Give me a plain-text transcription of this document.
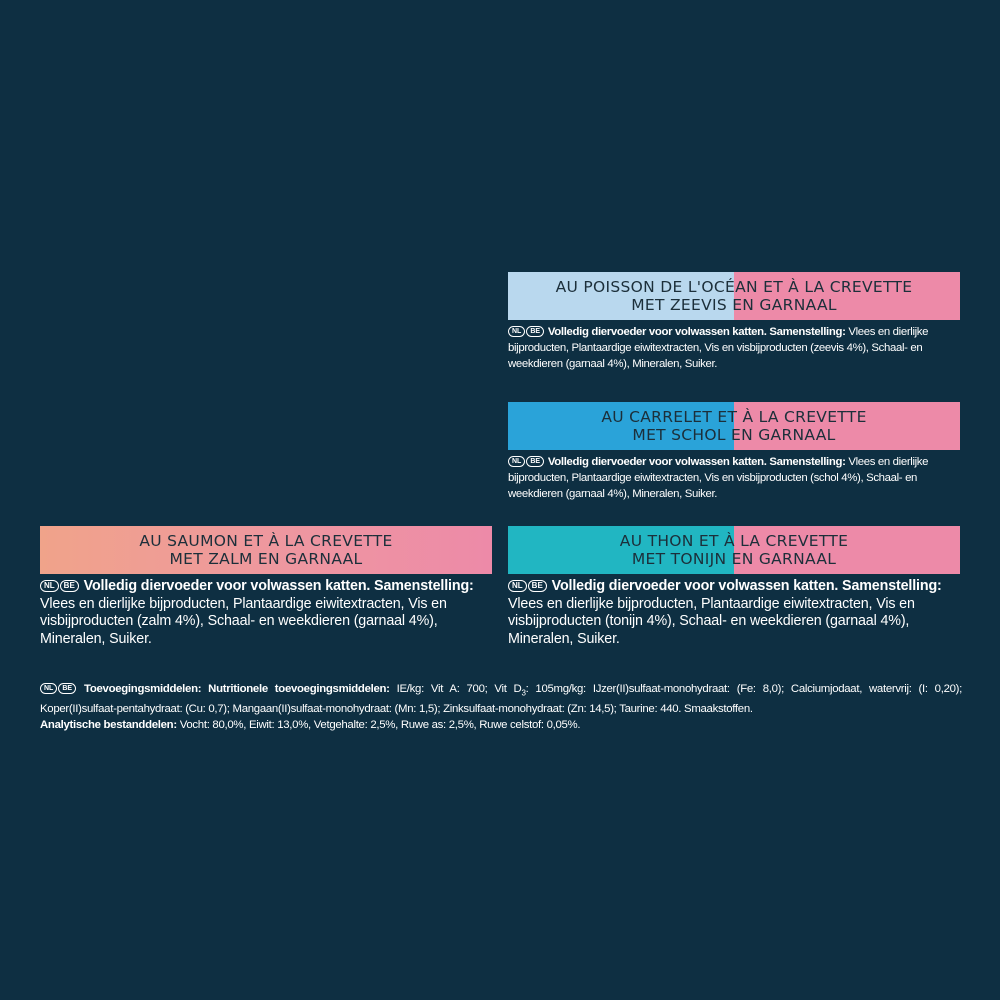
AU POISSON DE L'OCÉAN ET À LA CREVETTE
MET ZEEVIS EN GARNAAL
NL BE Volledig diervoeder voor volwassen katten. Samenstelling: Vlees en dierlijke bijproducten, Plantaardige eiwitextracten, Vis en visbijproducten (zeevis 4%), Schaal- en weekdieren (garnaal 4%), Mineralen, Suiker.
AU CARRELET ET À LA CREVETTE
MET SCHOL EN GARNAAL
NL BE Volledig diervoeder voor volwassen katten. Samenstelling: Vlees en dierlijke bijproducten, Plantaardige eiwitextracten, Vis en visbijproducten (schol 4%), Schaal- en weekdieren (garnaal 4%), Mineralen, Suiker.
AU SAUMON ET À LA CREVETTE
MET ZALM EN GARNAAL
NL BE Volledig diervoeder voor volwassen katten. Samenstelling: Vlees en dierlijke bijproducten, Plantaardige eiwitextracten, Vis en visbijproducten (zalm 4%), Schaal- en weekdieren (garnaal 4%), Mineralen, Suiker.
AU THON ET À LA CREVETTE
MET TONIJN EN GARNAAL
NL BE Volledig diervoeder voor volwassen katten. Samenstelling: Vlees en dierlijke bijproducten, Plantaardige eiwitextracten, Vis en visbijproducten (tonijn 4%), Schaal- en weekdieren (garnaal 4%), Mineralen, Suiker.
NL BE Toevoegingsmiddelen: Nutritionele toevoegingsmiddelen: IE/kg: Vit A: 700; Vit $D_3$: 105mg/kg: IJzer(II)sulfaat-monohydraat: (Fe: 8,0); Calciumjodaat, watervrij: (I: 0,20); Koper(II)sulfaat-pentahydraat: (Cu: 0,7); Mangaan(II)sulfaat-monohydraat: (Mn: 1,5); Zinksulfaat-monohydraat: (Zn: 14,5); Taurine: 440. Smaakstoffen.
Analytische bestanddelen: Vocht: 80,0%, Eiwit: 13,0%, Vetgehalte: 2,5%, Ruwe as: 2,5%, Ruwe celstof: 0,05%.
